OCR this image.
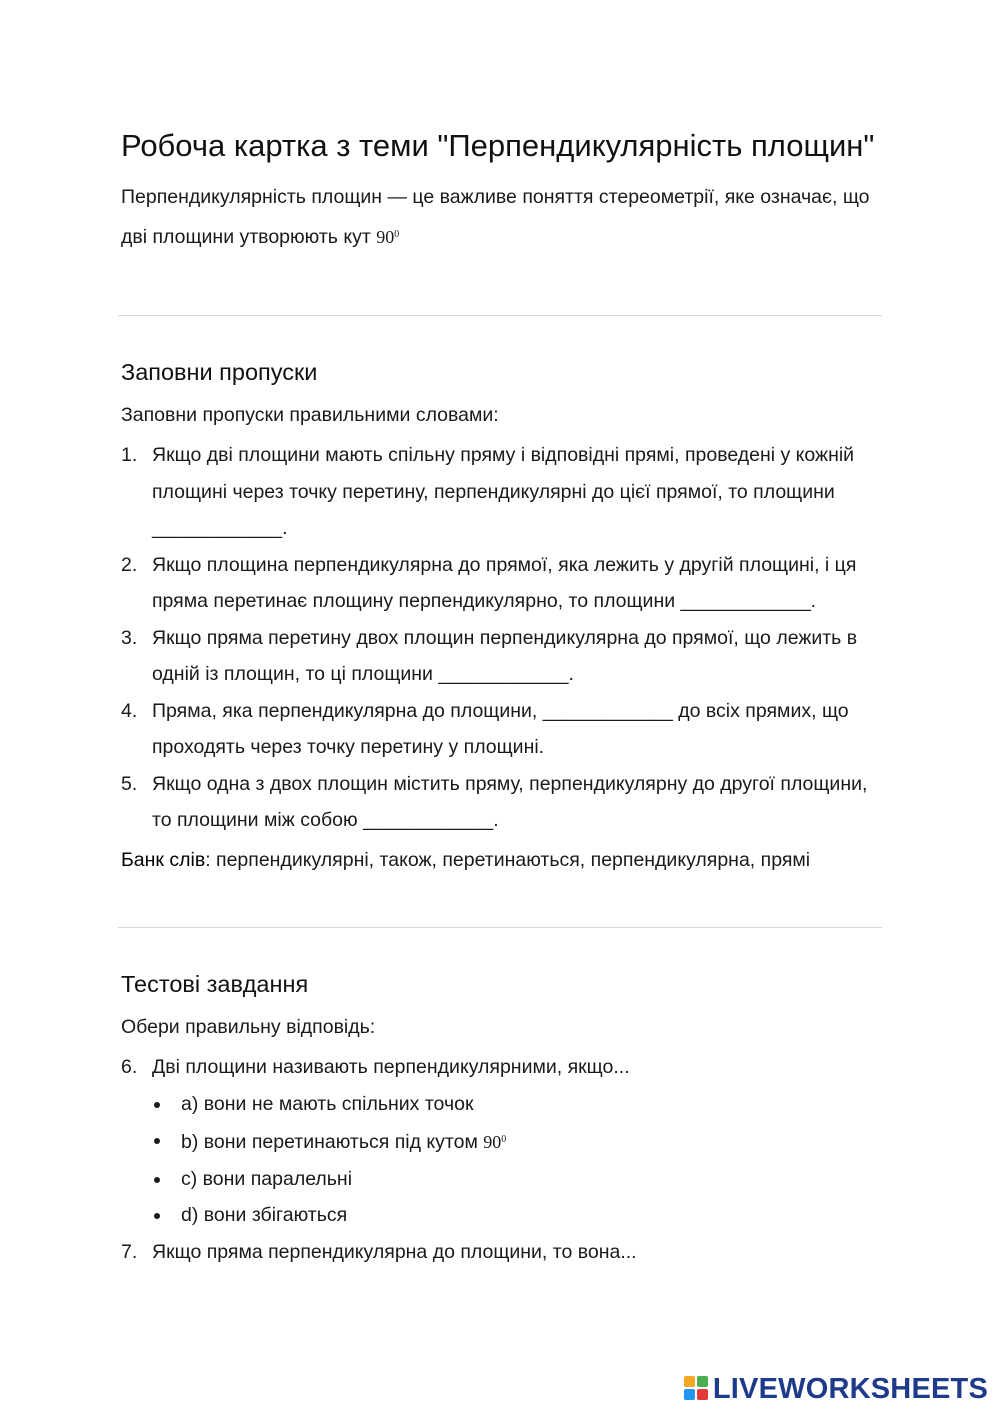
Робоча картка з теми "Перпендикулярність площин"

Перпендикулярність площин — це важливе поняття стереометрії, яке означає, що дві площини утворюють кут $90^0$

Заповни пропуски

Заповни пропуски правильними словами:

1. Якщо дві площини мають спільну пряму і відповідні прямі, проведені у кожній площині через точку перетину, перпендикулярні до цієї прямої, то площини ____________.
2. Якщо площина перпендикулярна до прямої, яка лежить у другій площині, і ця пряма перетинає площину перпендикулярно, то площини ____________.
3. Якщо пряма перетину двох площин перпендикулярна до прямої, що лежить в одній із площин, то ці площини ____________.
4. Пряма, яка перпендикулярна до площини, ____________ до всіх прямих, що проходять через точку перетину у площині.
5. Якщо одна з двох площин містить пряму, перпендикулярну до другої площини, то площини між собою ____________.

Банк слів: перпендикулярні, також, перетинаються, перпендикулярна, прямі

Тестові завдання

Обери правильну відповідь:

6. Дві площини називають перпендикулярними, якщо...
a) вони не мають спільних точок
b) вони перетинаються під кутом $90^0$
c) вони паралельні
d) вони збігаються
7. Якщо пряма перпендикулярна до площини, то вона...
LIVEWORKSHEETS
